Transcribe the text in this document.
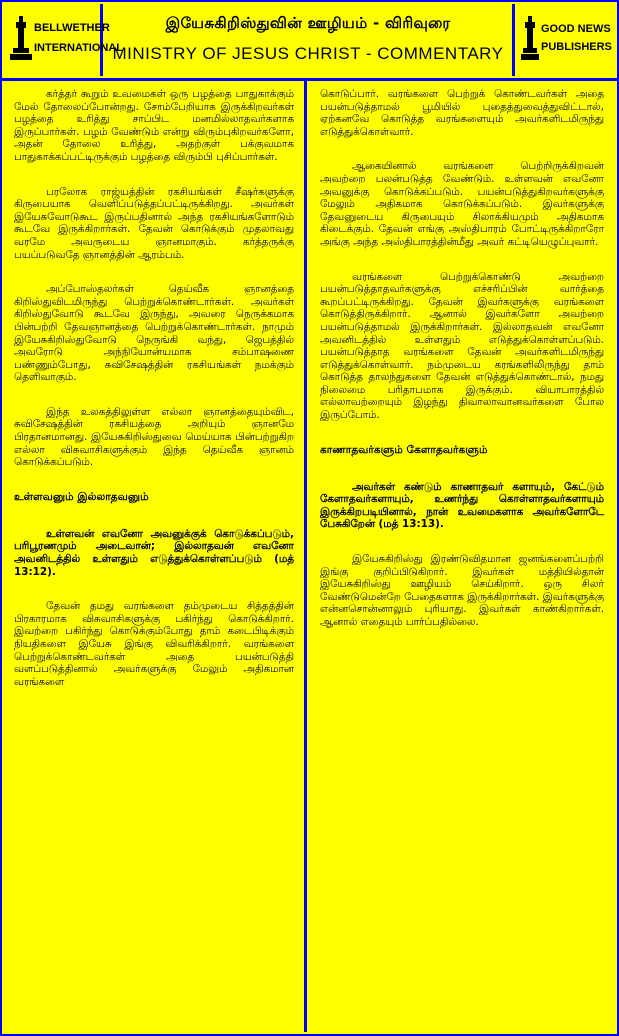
BELLWETHER
INTERNATIONAL
இயேசுகிறிஸ்துவின் ஊழியம் - விரிவுரை
MINISTRY OF JESUS CHRIST - COMMENTARY
GOOD NEWS
PUBLISHERS

கர்த்தர் கூறும் உவமைகள் ஒரு பழத்தை பாதுகாக்கும் மேல் தோலைப்போன்றது. சோம்பேறியாக இருக்கிறவர்கள் பழத்தை உரித்து சாப்பிட மனமில்லாதவர்களாக இருப்பார்கள். பழம் வேண்டும் என்று விரும்புகிறவர்களோ, அதன் தோலை உரித்து, அதற்குள் பக்குவமாக பாதுகாக்கப்பட்டிருக்கும் பழத்தை விரும்பி புசிப்பார்கள்.

பரலோக ராஜ்யத்தின் ரகசியங்கள் சீஷர்களுக்கு கிருபையாக வெளிப்படுத்தப்பட்டிருக்கிறது. அவர்கள் இயேசுவோடுகூட இருப்பதினால் அந்த ரகசியங்களோடும் கூடவே இருக்கிறார்கள். தேவன் கொடுக்கும் முதலாவது வரமே அவருடைய ஞானமாகும். கர்த்தருக்கு பயப்படுவதே ஞானத்தின் ஆரம்பம்.

அப்போஸ்தலர்கள் தெய்வீக ஞானத்தை கிறிஸ்துவிடமிருந்து பெற்றுக்கொண்டார்கள். அவர்கள் கிறிஸ்துவோடு கூடவே இருந்து, அவரை நெருக்கமாக பின்பற்றி தேவஞானத்தை பெற்றுக்கொண்டார்கள். நாமும் இயேசுகிறிஸ்துவோடு நெருங்கி வந்து, ஜெபத்தில் அவரோடு அந்நியோன்யமாக சம்பாஷணை பண்ணும்போது, சுவிசேஷத்தின் ரகசியங்கள் நமக்கும் தெளிவாகும்.

இந்த உலகத்திலுள்ள எல்லா ஞானத்தையும்விட, சுவிசேஷத்தின் ரகசியத்தை அறியும் ஞானமே பிரதானமானது. இயேசுகிறிஸ்துவை மெய்யாக பின்பற்றுகிற எல்லா விசுவாசிகளுக்கும் இந்த தெய்வீக ஞானம் கொடுக்கப்படும்.

உள்ளவனும் இல்லாதவனும்

உள்ளவன் எவனோ அவனுக்குக் கொடுக்கப்படும், பரிபூரணமும் அடைவான்; இல்லாதவன் எவனோ அவனிடத்தில் உள்ளதும் எடுத்துக்கொள்ளப்படும் (மத் 13:12).

தேவன் தமது வரங்களை தம்முடைய சித்தத்தின் பிரகாரமாக விசுவாசிகளுக்கு பகிர்ந்து கொடுக்கிறார். இவற்றை பகிர்ந்து கொடுக்கும்போது தாம் கடைபிடிக்கும் நியதிகளை இயேசு இங்கு விவரிக்கிறார். வரங்களை பெற்றுக்கொண்டவர்கள் அதை பயன்படுத்தி வளப்படுத்தினால் அவர்களுக்கு மேலும் அதிகமான வரங்களை

கொடுப்பார். வரங்களை பெற்றுக் கொண்டவர்கள் அதை பயன்படுத்தாமல் பூமியில் புதைத்துவைத்துவிட்டால், ஏற்கனவே கொடுத்த வரங்களையும் அவர்களிடமிருந்து எடுத்துக்கொள்வார்.

ஆகையினால் வரங்களை பெற்றிருக்கிறவன் அவற்றை பலன்படுத்த வேண்டும். உள்ளவன் எவனோ அவனுக்கு கொடுக்கப்படும். பயன்படுத்துகிறவர்களுக்கு மேலும் அதிகமாக கொடுக்கப்படும். இவர்களுக்கு தேவனுடைய கிருபையும் சிலாக்கியமும் அதிகமாக கிடைக்கும். தேவன் எங்கு அஸ்திபாரம் போட்டிருக்கிறாரோ அங்கு அந்த அஸ்திபாரத்தின்மீது அவர் கட்டியெழுப்புவார்.

வரங்களை பெற்றுக்கொண்டு அவற்றை பயன்படுத்தாதவர்களுக்கு எச்சரிப்பின் வார்த்தை கூறப்பட்டிருக்கிறது. தேவன் இவர்களுக்கு வரங்களை கொடுத்திருக்கிறார். ஆனால் இவர்களோ அவற்றை பயன்படுத்தாமல் இருக்கிறார்கள். இல்லாதவன் எவனோ அவனிடத்தில் உள்ளதும் எடுத்துக்கொள்ளப்படும். பயன்படுத்தாத வரங்களை தேவன் அவர்களிடமிருந்து எடுத்துக்கொள்வார். நம்முடைய கரங்களிலிருந்து தாம் கொடுத்த தாலந்துகளை தேவன் எடுத்துக்கொண்டால், நமது நிலைமை பரிதாபமாக இருக்கும். வியாபாரத்தில் எல்லாவற்றையும் இழந்து திவாலாவானவர்களை போல இருப்போம்.

காணாதவர்களும் கேளாதவர்களும்

அவர்கள் கண்டும் காணாதவர் களாயும், கேட்டும் கேளாதவர்களாயும், உணர்ந்து கொள்ளாதவர்களாயும் இருக்கிறபடியினால், நான் உவமைகளாக அவர்களோடே பேசுகிறேன் (மத் 13:13).

இயேசுகிறிஸ்து இரண்டுவிதமான ஜனங்களைப்பற்றி இங்கு குறிப்பிடுகிறார். இவர்கள் மத்தியில்தான் இயேசுகிறிஸ்து ஊழியம் செய்கிறார். ஒரு சிலர் வேண்டுமென்றே பேதைகளாக இருக்கிறார்கள். இவர்களுக்கு என்னசொன்னாலும் புரியாது. இவர்கள் காண்கிறார்கள். ஆனால் எதையும் பார்ப்பதில்லை.
